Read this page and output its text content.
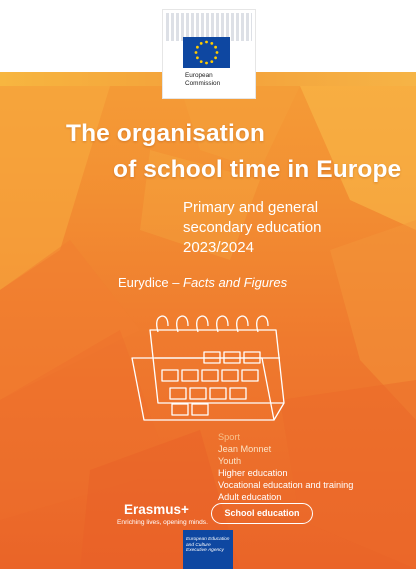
European
Commission
The organisation
of school time in Europe
Primary and general
secondary education
2023/2024
Eurydice – Facts and Figures
Sport
Jean Monnet
Youth
Higher education
Vocational education and training
Adult education
Erasmus+
Enriching lives, opening minds.
School education
European Education
and Culture
Executive Agency
